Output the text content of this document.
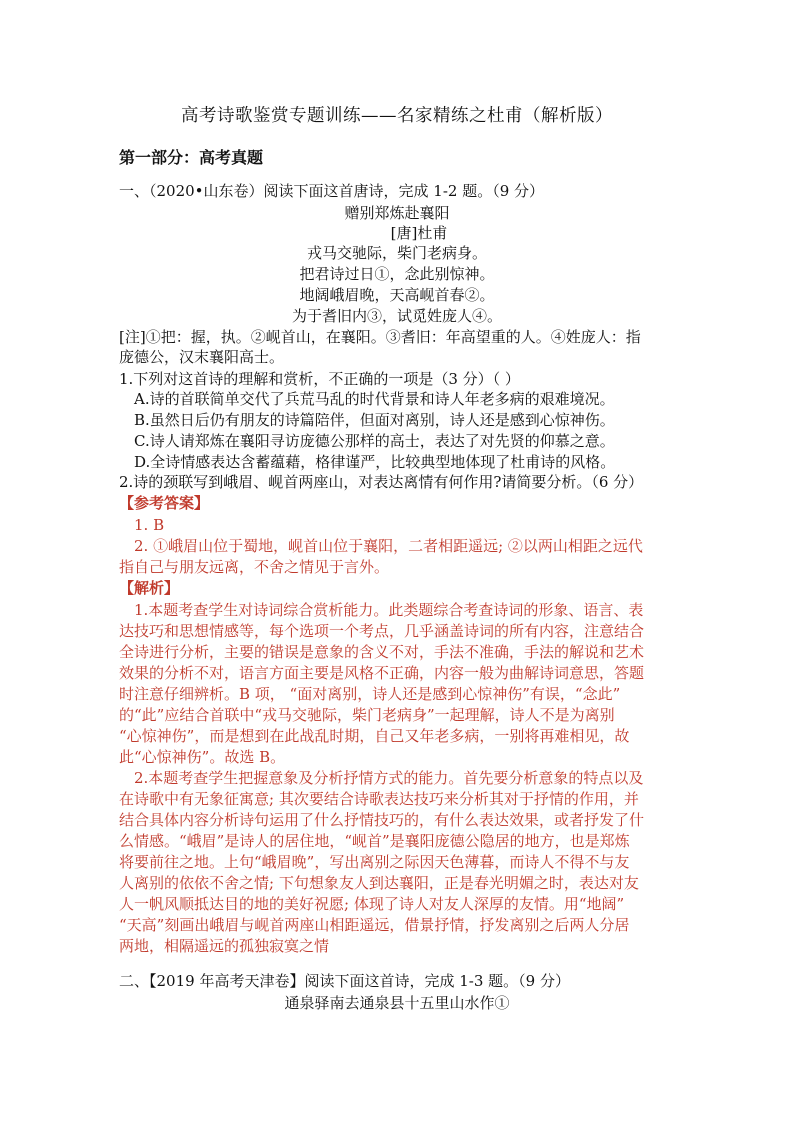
高考诗歌鉴赏专题训练——名家精练之杜甫（解析版）
第一部分：高考真题
一、（2020•山东卷）阅读下面这首唐诗，完成 1-2 题。（9 分）
赠别郑炼赴襄阳
[唐]杜甫
戎马交驰际，柴门老病身。
把君诗过日①，念此别惊神。
地阔峨眉晚，天高岘首春②。
为于耆旧内③，试觅姓庞人④。
[注]①把：握，执。②岘首山，在襄阳。③耆旧：年高望重的人。④姓庞人：指
庞德公，汉末襄阳高士。
1.下列对这首诗的理解和赏析，不正确的一项是（3 分）（ ）
A.诗的首联简单交代了兵荒马乱的时代背景和诗人年老多病的艰难境况。
B.虽然日后仍有朋友的诗篇陪伴，但面对离别，诗人还是感到心惊神伤。
C.诗人请郑炼在襄阳寻访庞德公那样的高士，表达了对先贤的仰慕之意。
D.全诗情感表达含蓄蕴藉，格律谨严，比较典型地体现了杜甫诗的风格。
2.诗的颈联写到峨眉、岘首两座山，对表达离情有何作用?请简要分析。（6 分）
【参考答案】
1. B
2. ①峨眉山位于蜀地，岘首山位于襄阳，二者相距遥远; ②以两山相距之远代
指自己与朋友远离，不舍之情见于言外。
【解析】
1.本题考查学生对诗词综合赏析能力。此类题综合考查诗词的形象、语言、表
达技巧和思想情感等，每个选项一个考点，几乎涵盖诗词的所有内容，注意结合
全诗进行分析，主要的错误是意象的含义不对，手法不准确，手法的解说和艺术
效果的分析不对，语言方面主要是风格不正确，内容一般为曲解诗词意思，答题
时注意仔细辨析。B 项， “面对离别，诗人还是感到心惊神伤”有误，“念此”
的“此”应结合首联中“戎马交驰际，柴门老病身”一起理解，诗人不是为离别
“心惊神伤”，而是想到在此战乱时期，自己又年老多病，一别将再难相见，故
此“心惊神伤”。故选 B。
2.本题考查学生把握意象及分析抒情方式的能力。首先要分析意象的特点以及
在诗歌中有无象征寓意; 其次要结合诗歌表达技巧来分析其对于抒情的作用，并
结合具体内容分析诗句运用了什么抒情技巧的，有什么表达效果，或者抒发了什
么情感。“峨眉”是诗人的居住地，“岘首”是襄阳庞德公隐居的地方，也是郑炼
将要前往之地。上句“峨眉晚”，写出离别之际因天色薄暮，而诗人不得不与友
人离别的依依不舍之情; 下句想象友人到达襄阳，正是春光明媚之时，表达对友
人一帆风顺抵达目的地的美好祝愿; 体现了诗人对友人深厚的友情。用“地阔”
“天高”刻画出峨眉与岘首两座山相距遥远，借景抒情，抒发离别之后两人分居
两地，相隔遥远的孤独寂寞之情
二、【2019 年高考天津卷】阅读下面这首诗，完成 1-3 题。（9 分）
通泉驿南去通泉县十五里山水作①
